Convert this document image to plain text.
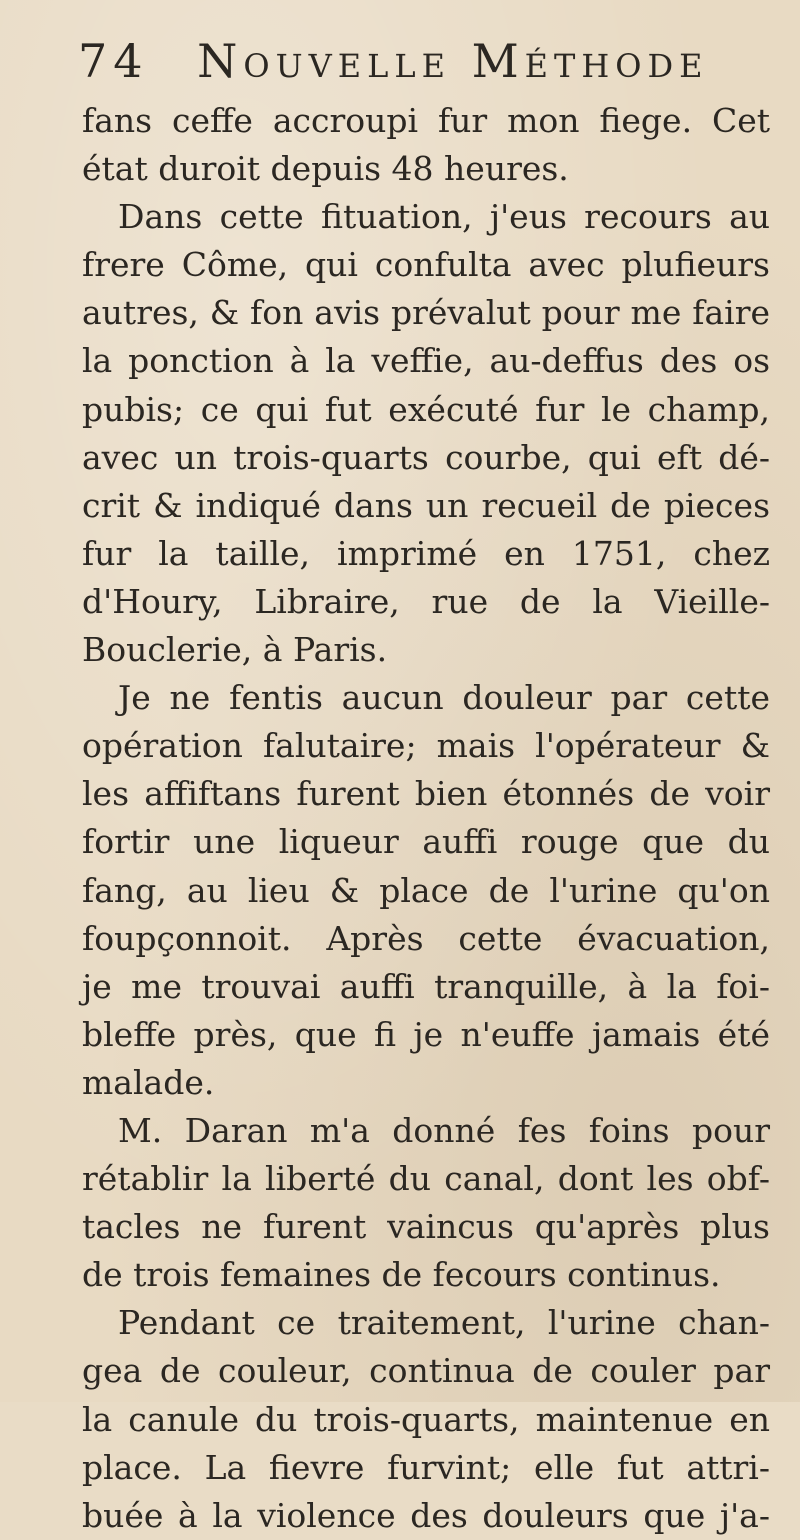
74 Nouvelle Méthode
fans ceffe accroupi fur mon fiege. Cet
état duroit depuis 48 heures.
Dans cette fituation, j'eus recours au
frere Côme, qui confulta avec plufieurs
autres, & fon avis prévalut pour me faire
la ponction à la veffie, au-deffus des os
pubis; ce qui fut exécuté fur le champ,
avec un trois-quarts courbe, qui eft dé-
crit & indiqué dans un recueil de pieces
fur la taille, imprimé en 1751, chez
d'Houry, Libraire, rue de la Vieille-
Bouclerie, à Paris.
Je ne fentis aucun douleur par cette
opération falutaire; mais l'opérateur &
les affiftans furent bien étonnés de voir
fortir une liqueur auffi rouge que du
fang, au lieu & place de l'urine qu'on
foupçonnoit. Après cette évacuation,
je me trouvai auffi tranquille, à la foi-
bleffe près, que fi je n'euffe jamais été
malade.
M. Daran m'a donné fes foins pour
rétablir la liberté du canal, dont les obf-
tacles ne furent vaincus qu'après plus
de trois femaines de fecours continus.
Pendant ce traitement, l'urine chan-
gea de couleur, continua de couler par
la canule du trois-quarts, maintenue en
place. La fievre furvint; elle fut attri-
buée à la violence des douleurs que j'a-
